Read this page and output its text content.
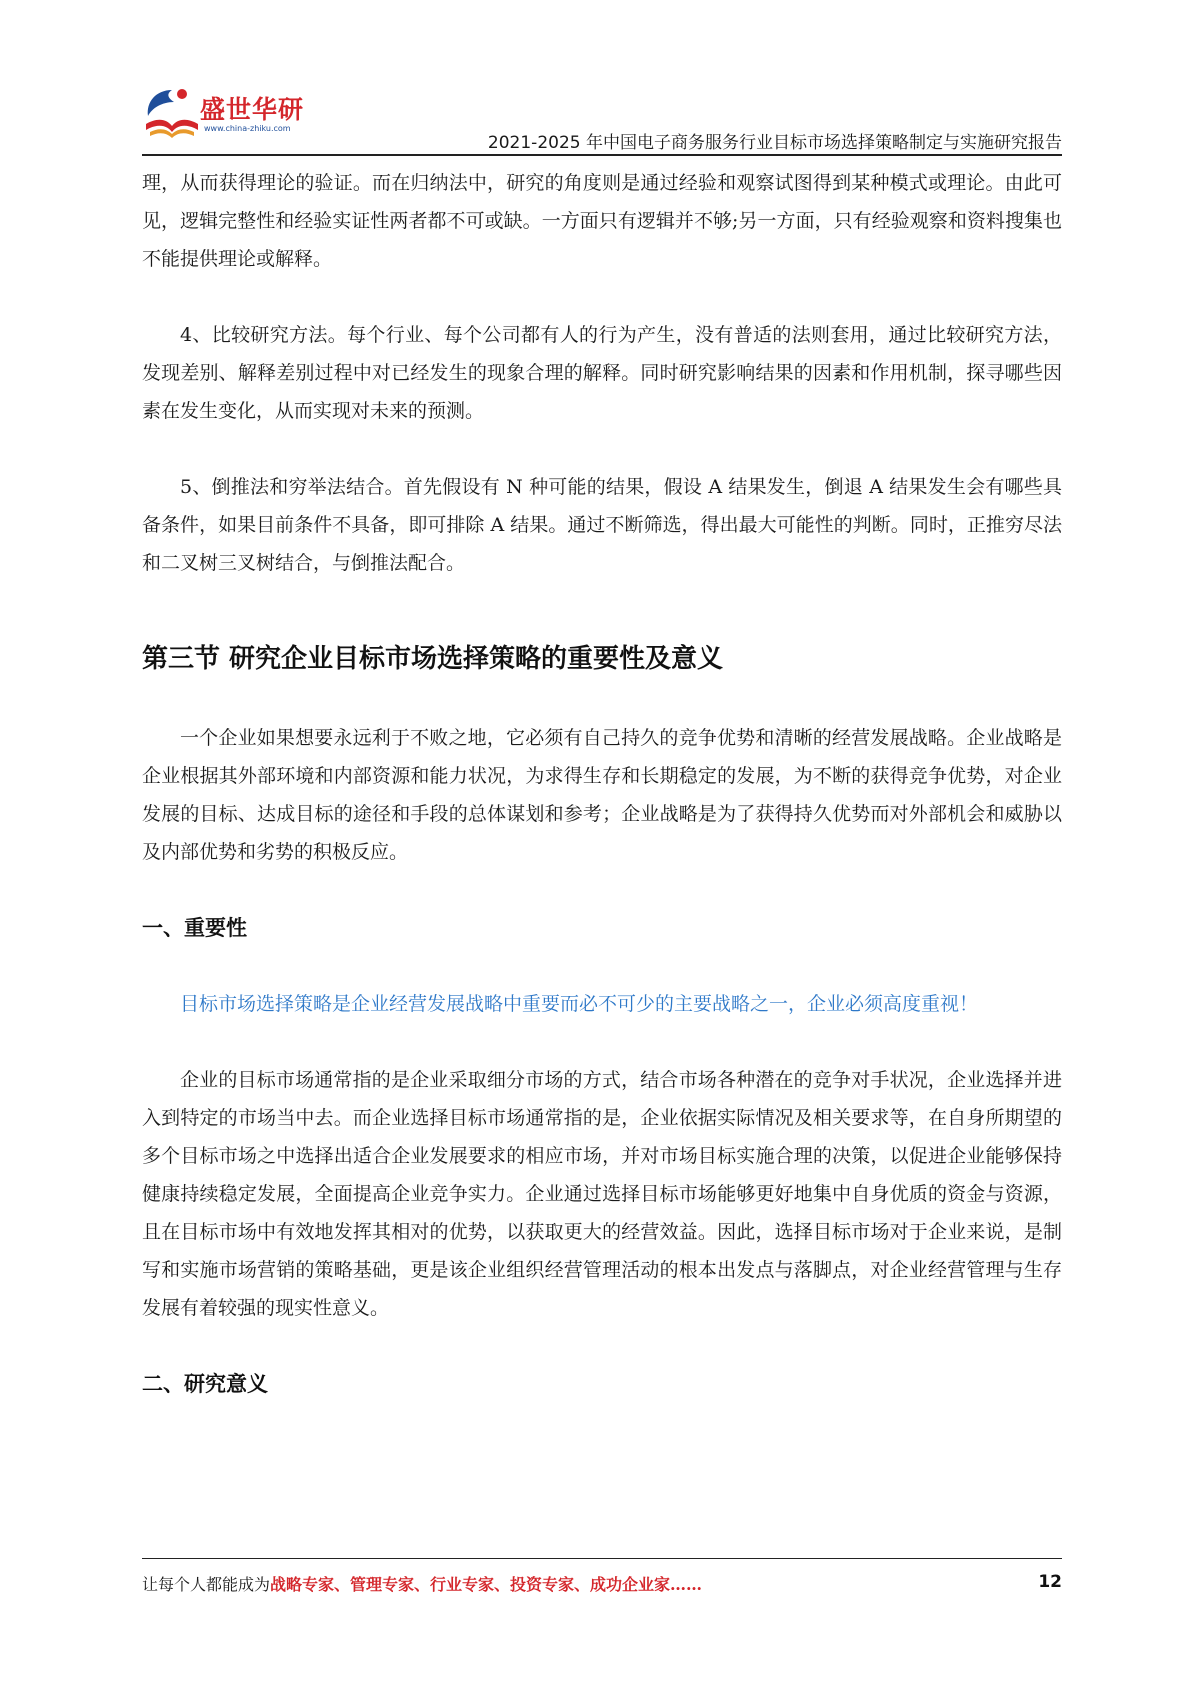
盛世华研
www.china-zhiku.com
2021-2025 年中国电子商务服务行业目标市场选择策略制定与实施研究报告

理，从而获得理论的验证。而在归纳法中，研究的角度则是通过经验和观察试图得到某种模式或理论。由此可见，逻辑完整性和经验实证性两者都不可或缺。一方面只有逻辑并不够;另一方面，只有经验观察和资料搜集也不能提供理论或解释。

4、比较研究方法。每个行业、每个公司都有人的行为产生，没有普适的法则套用，通过比较研究方法，发现差别、解释差别过程中对已经发生的现象合理的解释。同时研究影响结果的因素和作用机制，探寻哪些因素在发生变化，从而实现对未来的预测。

5、倒推法和穷举法结合。首先假设有 N 种可能的结果，假设 A 结果发生，倒退 A 结果发生会有哪些具备条件，如果目前条件不具备，即可排除 A 结果。通过不断筛选，得出最大可能性的判断。同时，正推穷尽法和二叉树三叉树结合，与倒推法配合。

第三节 研究企业目标市场选择策略的重要性及意义

一个企业如果想要永远利于不败之地，它必须有自己持久的竞争优势和清晰的经营发展战略。企业战略是企业根据其外部环境和内部资源和能力状况，为求得生存和长期稳定的发展，为不断的获得竞争优势，对企业发展的目标、达成目标的途径和手段的总体谋划和参考；企业战略是为了获得持久优势而对外部机会和威胁以及内部优势和劣势的积极反应。

一、重要性

目标市场选择策略是企业经营发展战略中重要而必不可少的主要战略之一，企业必须高度重视！

企业的目标市场通常指的是企业采取细分市场的方式，结合市场各种潜在的竞争对手状况，企业选择并进入到特定的市场当中去。而企业选择目标市场通常指的是，企业依据实际情况及相关要求等，在自身所期望的多个目标市场之中选择出适合企业发展要求的相应市场，并对市场目标实施合理的决策，以促进企业能够保持健康持续稳定发展，全面提高企业竞争实力。企业通过选择目标市场能够更好地集中自身优质的资金与资源，且在目标市场中有效地发挥其相对的优势，以获取更大的经营效益。因此，选择目标市场对于企业来说，是制写和实施市场营销的策略基础，更是该企业组织经营管理活动的根本出发点与落脚点，对企业经营管理与生存发展有着较强的现实性意义。

二、研究意义
让每个人都能成为战略专家、管理专家、行业专家、投资专家、成功企业家……	12
